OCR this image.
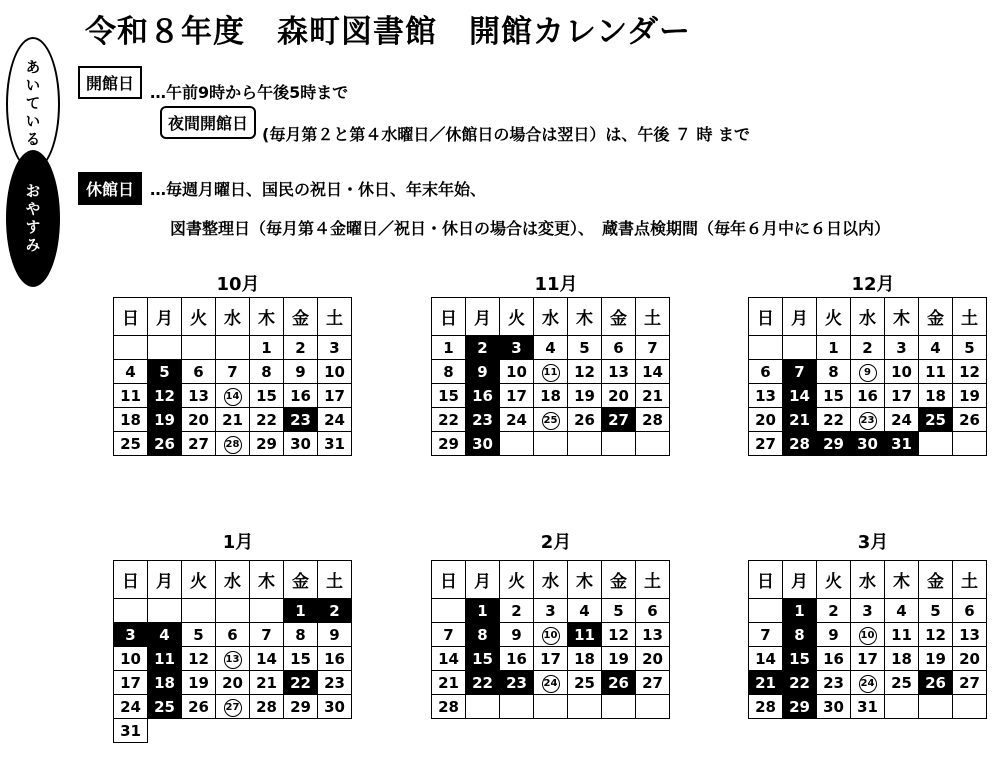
令和８年度　森町図書館　開館カレンダー
あいている
おやすみ
開館日 …午前9時から午後5時まで
夜間開館日
(毎月第２と第４水曜日／休館日の場合は翌日）は、午後 ７ 時 まで
休館日 …毎週月曜日、国民の祝日・休日、年末年始、
図書整理日（毎月第４金曜日／祝日・休日の場合は変更）、　蔵書点検期間（毎年６月中に６日以内）
10月
日	月	火	水	木	金	土
				1	2	3
4	5	6	7	8	9	10
11	12	13	14	15	16	17
18	19	20	21	22	23	24
25	26	27	28	29	30	31
11月
日	月	火	水	木	金	土
1	2	3	4	5	6	7
8	9	10	11	12	13	14
15	16	17	18	19	20	21
22	23	24	25	26	27	28
29	30					
12月
日	月	火	水	木	金	土
		1	2	3	4	5
6	7	8	9	10	11	12
13	14	15	16	17	18	19
20	21	22	23	24	25	26
27	28	29	30	31		
1月
日	月	火	水	木	金	土
					1	2
3	4	5	6	7	8	9
10	11	12	13	14	15	16
17	18	19	20	21	22	23
24	25	26	27	28	29	30
31						
2月
日	月	火	水	木	金	土
	1	2	3	4	5	6
7	8	9	10	11	12	13
14	15	16	17	18	19	20
21	22	23	24	25	26	27
28						
3月
日	月	火	水	木	金	土
	1	2	3	4	5	6
7	8	9	10	11	12	13
14	15	16	17	18	19	20
21	22	23	24	25	26	27
28	29	30	31			
